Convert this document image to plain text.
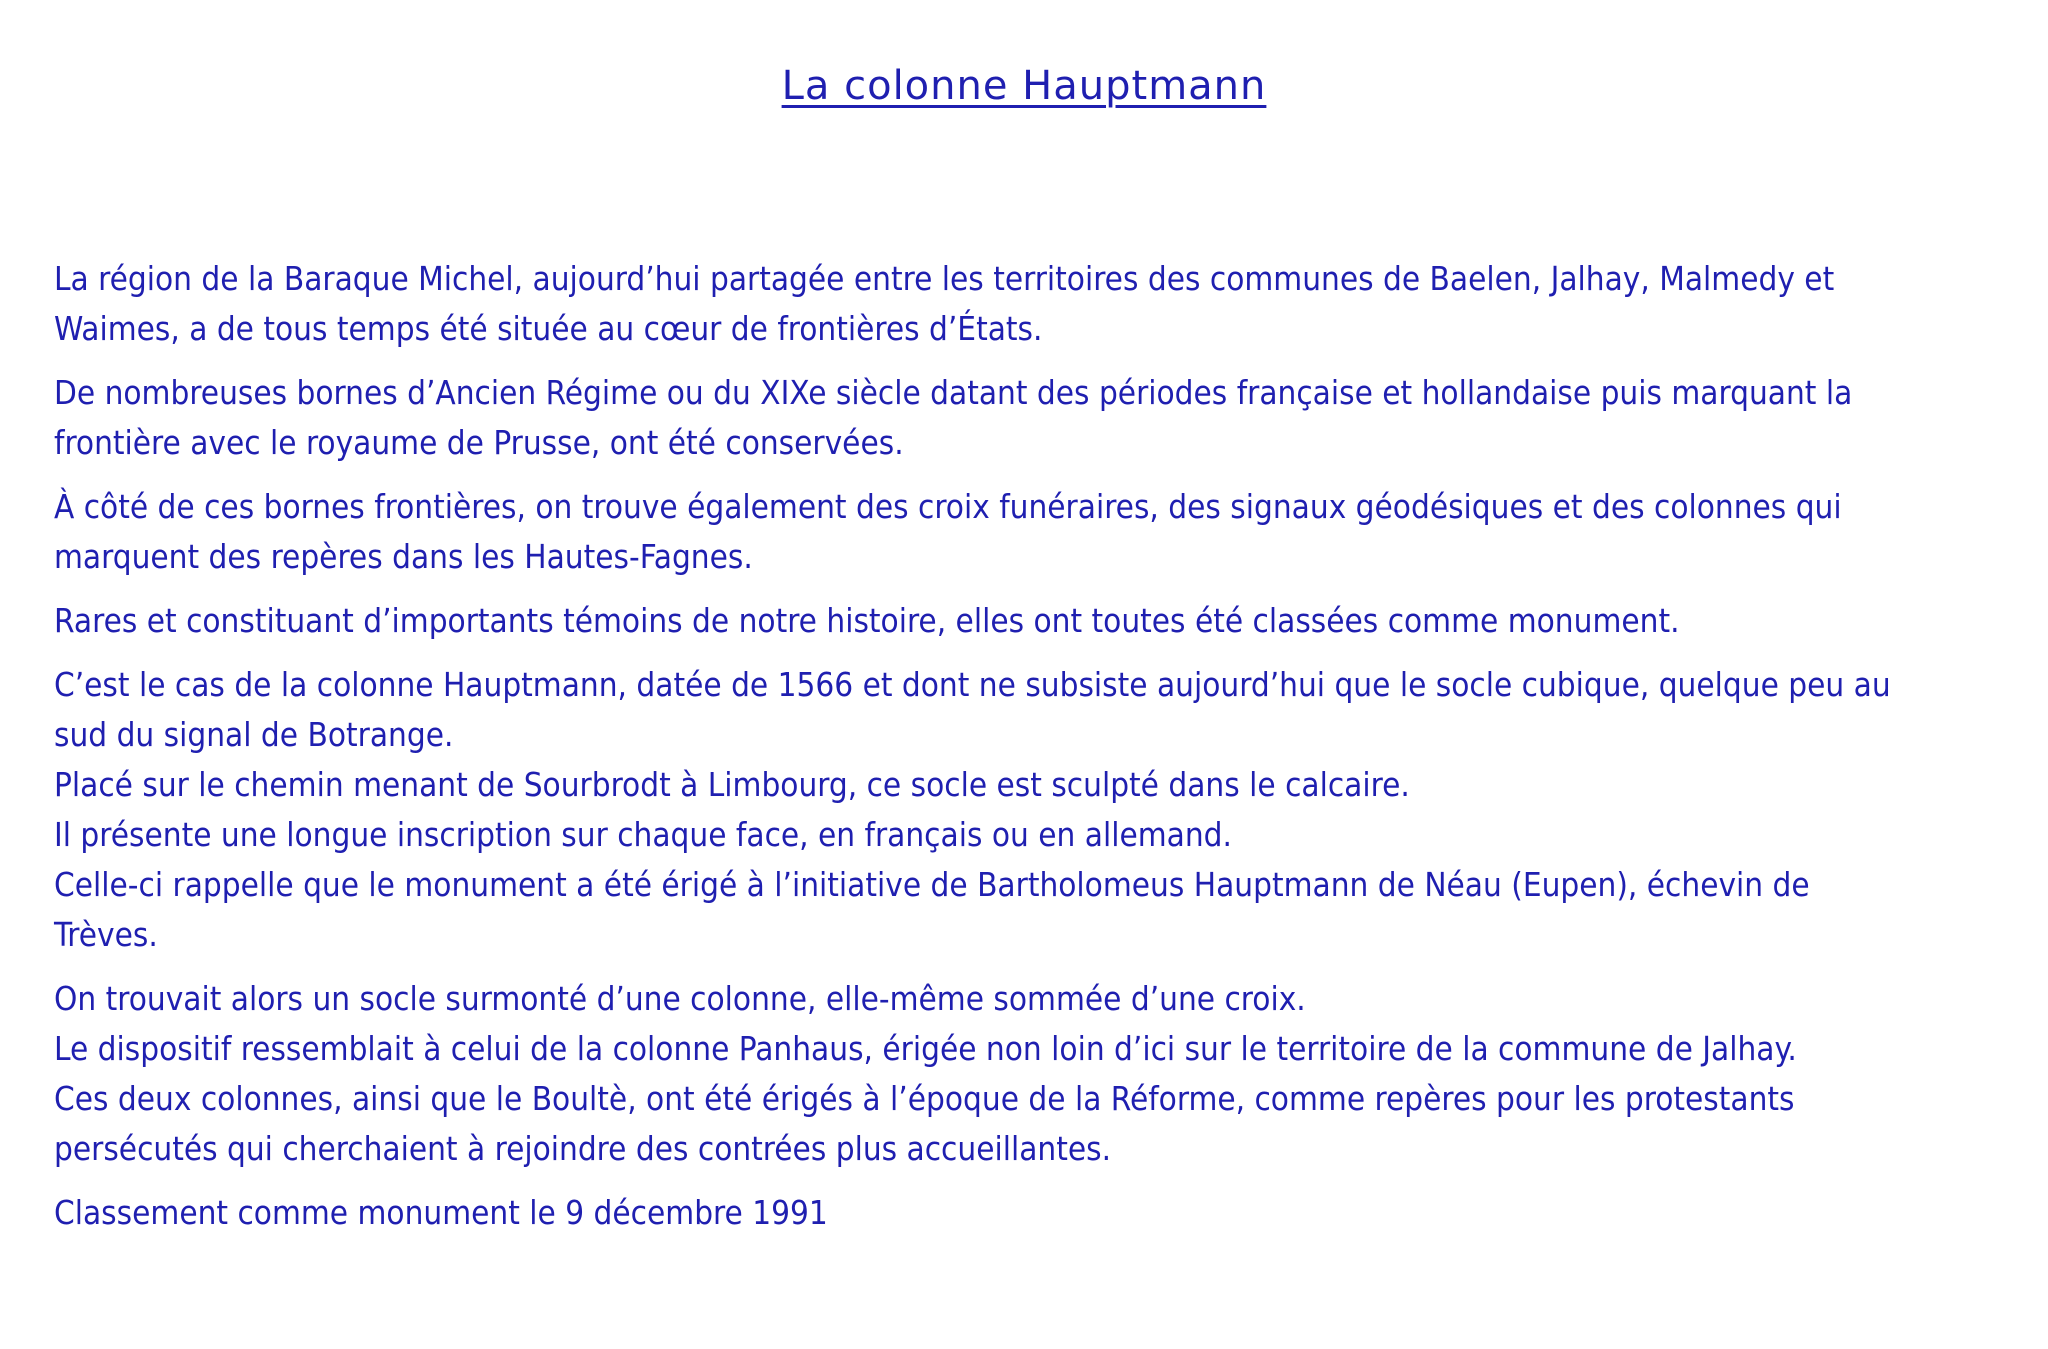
La colonne Hauptmann

La région de la Baraque Michel, aujourd’hui partagée entre les territoires des communes de Baelen, Jalhay, Malmedy et
Waimes, a de tous temps été située au cœur de frontières d’États.

De nombreuses bornes d’Ancien Régime ou du XIXe siècle datant des périodes française et hollandaise puis marquant la
frontière avec le royaume de Prusse, ont été conservées.

À côté de ces bornes frontières, on trouve également des croix funéraires, des signaux géodésiques et des colonnes qui
marquent des repères dans les Hautes-Fagnes.

Rares et constituant d’importants témoins de notre histoire, elles ont toutes été classées comme monument.

C’est le cas de la colonne Hauptmann, datée de 1566 et dont ne subsiste aujourd’hui que le socle cubique, quelque peu au
sud du signal de Botrange.
Placé sur le chemin menant de Sourbrodt à Limbourg, ce socle est sculpté dans le calcaire.
Il présente une longue inscription sur chaque face, en français ou en allemand.
Celle-ci rappelle que le monument a été érigé à l’initiative de Bartholomeus Hauptmann de Néau (Eupen), échevin de
Trèves.

On trouvait alors un socle surmonté d’une colonne, elle-même sommée d’une croix.
Le dispositif ressemblait à celui de la colonne Panhaus, érigée non loin d’ici sur le territoire de la commune de Jalhay.
Ces deux colonnes, ainsi que le Boultè, ont été érigés à l’époque de la Réforme, comme repères pour les protestants
persécutés qui cherchaient à rejoindre des contrées plus accueillantes.

Classement comme monument le 9 décembre 1991
